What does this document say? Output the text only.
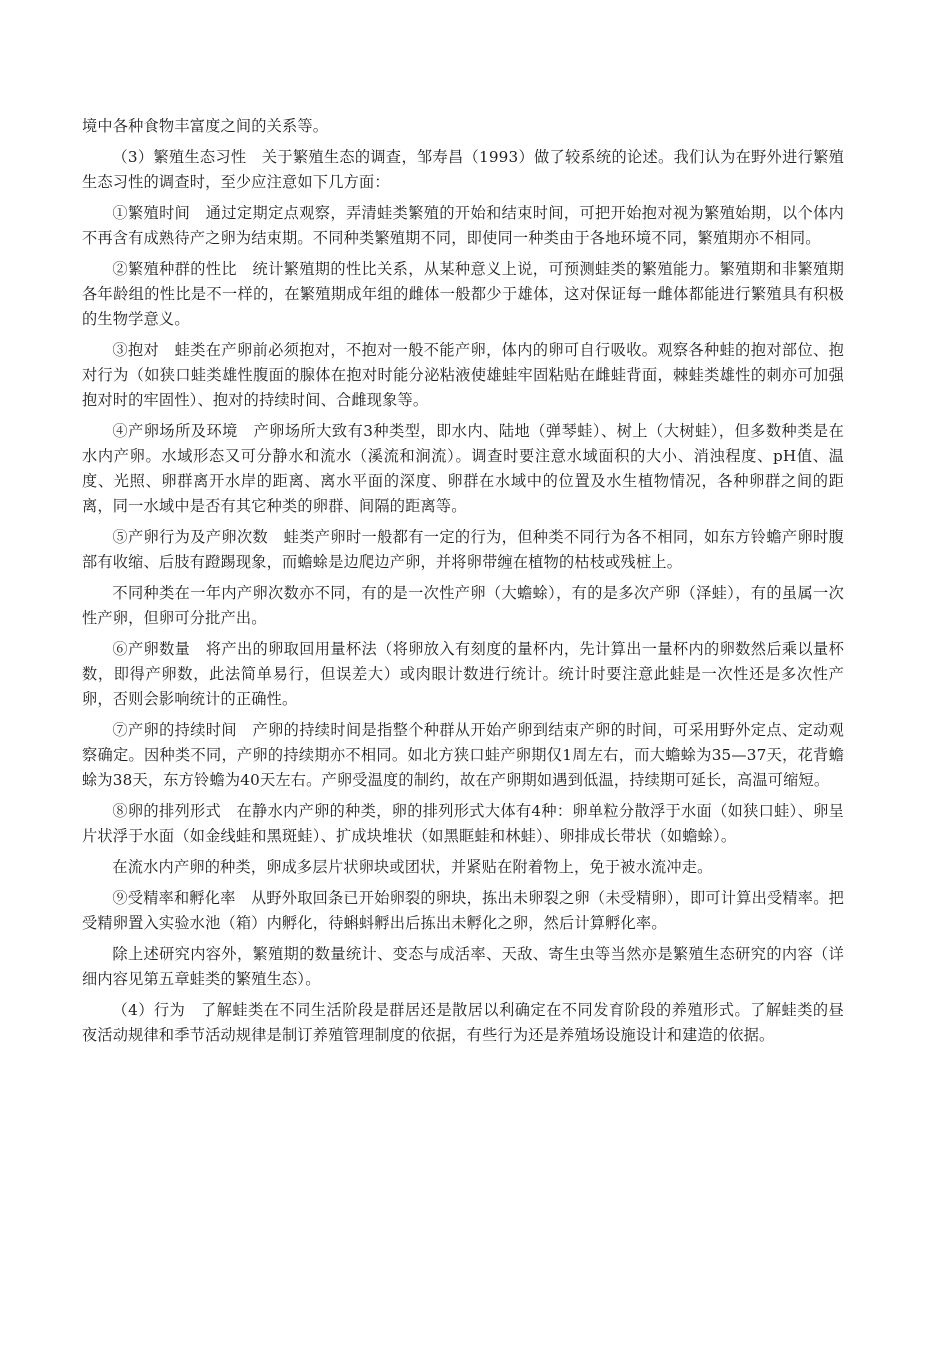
境中各种食物丰富度之间的关系等。

（3）繁殖生态习性　关于繁殖生态的调查，邹寿昌（1993）做了较系统的论述。我们认为在野外进行繁殖生态习性的调查时，至少应注意如下几方面：

①繁殖时间　通过定期定点观察，弄清蛙类繁殖的开始和结束时间，可把开始抱对视为繁殖始期，以个体内不再含有成熟待产之卵为结束期。不同种类繁殖期不同，即使同一种类由于各地环境不同，繁殖期亦不相同。

②繁殖种群的性比　统计繁殖期的性比关系，从某种意义上说，可预测蛙类的繁殖能力。繁殖期和非繁殖期各年龄组的性比是不一样的，在繁殖期成年组的雌体一般都少于雄体，这对保证每一雌体都能进行繁殖具有积极的生物学意义。

③抱对　蛙类在产卵前必须抱对，不抱对一般不能产卵，体内的卵可自行吸收。观察各种蛙的抱对部位、抱对行为（如狭口蛙类雄性腹面的腺体在抱对时能分泌粘液使雄蛙牢固粘贴在雌蛙背面，棘蛙类雄性的刺亦可加强抱对时的牢固性）、抱对的持续时间、合雌现象等。

④产卵场所及环境　产卵场所大致有3种类型，即水内、陆地（弹琴蛙）、树上（大树蛙），但多数种类是在水内产卵。水域形态又可分静水和流水（溪流和涧流）。调查时要注意水域面积的大小、消浊程度、pH值、温度、光照、卵群离开水岸的距离、离水平面的深度、卵群在水域中的位置及水生植物情况，各种卵群之间的距离，同一水域中是否有其它种类的卵群、间隔的距离等。

⑤产卵行为及产卵次数　蛙类产卵时一般都有一定的行为，但种类不同行为各不相同，如东方铃蟾产卵时腹部有收缩、后肢有蹬踢现象，而蟾蜍是边爬边产卵，并将卵带缠在植物的枯枝或残桩上。

不同种类在一年内产卵次数亦不同，有的是一次性产卵（大蟾蜍），有的是多次产卵（泽蛙），有的虽属一次性产卵，但卵可分批产出。

⑥产卵数量　将产出的卵取回用量杯法（将卵放入有刻度的量杯内，先计算出一量杯内的卵数然后乘以量杯数，即得产卵数，此法简单易行，但误差大）或肉眼计数进行统计。统计时要注意此蛙是一次性还是多次性产卵，否则会影响统计的正确性。

⑦产卵的持续时间　产卵的持续时间是指整个种群从开始产卵到结束产卵的时间，可采用野外定点、定动观察确定。因种类不同，产卵的持续期亦不相同。如北方狭口蛙产卵期仅1周左右，而大蟾蜍为35—37天，花背蟾蜍为38天，东方铃蟾为40天左右。产卵受温度的制约，故在产卵期如遇到低温，持续期可延长，高温可缩短。

⑧卵的排列形式　在静水内产卵的种类，卵的排列形式大体有4种：卵单粒分散浮于水面（如狭口蛙）、卵呈片状浮于水面（如金线蛙和黑斑蛙）、扩成块堆状（如黑眶蛙和林蛙）、卵排成长带状（如蟾蜍）。

在流水内产卵的种类，卵成多层片状卵块或团状，并紧贴在附着物上，免于被水流冲走。

⑨受精率和孵化率　从野外取回条已开始卵裂的卵块，拣出未卵裂之卵（未受精卵），即可计算出受精率。把受精卵置入实验水池（箱）内孵化，待蝌蚪孵出后拣出未孵化之卵，然后计算孵化率。

除上述研究内容外，繁殖期的数量统计、变态与成活率、天敌、寄生虫等当然亦是繁殖生态研究的内容（详细内容见第五章蛙类的繁殖生态）。

（4）行为　了解蛙类在不同生活阶段是群居还是散居以利确定在不同发育阶段的养殖形式。了解蛙类的昼夜活动规律和季节活动规律是制订养殖管理制度的依据，有些行为还是养殖场设施设计和建造的依据。
